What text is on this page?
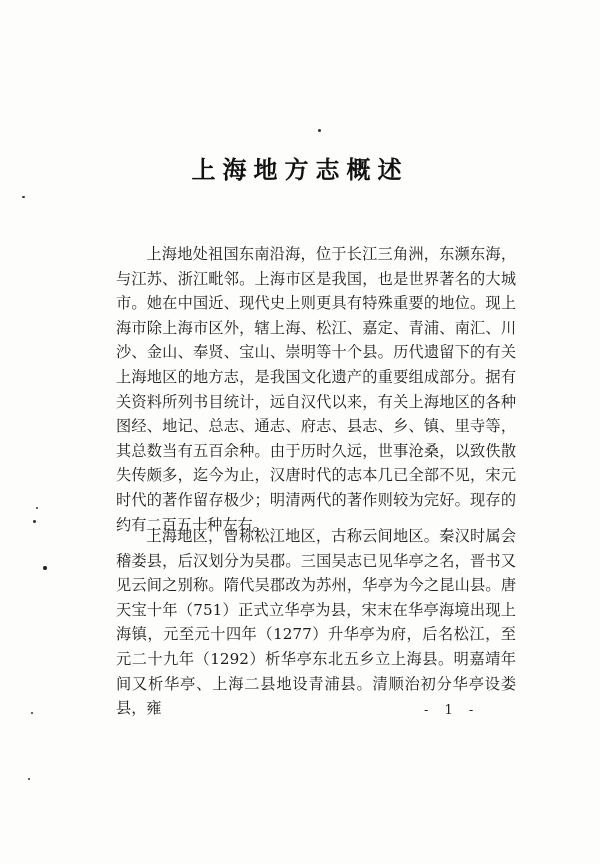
上海地方志概述

上海地处祖国东南沿海，位于长江三角洲，东濒东海，与江苏、浙江毗邻。上海市区是我国，也是世界著名的大城市。她在中国近、现代史上则更具有特殊重要的地位。现上海市除上海市区外，辖上海、松江、嘉定、青浦、南汇、川沙、金山、奉贤、宝山、崇明等十个县。历代遗留下的有关上海地区的地方志，是我国文化遗产的重要组成部分。据有关资料所列书目统计，远自汉代以来，有关上海地区的各种图经、地记、总志、通志、府志、县志、乡、镇、里寺等，其总数当有五百余种。由于历时久远，世事沧桑，以致佚散失传颇多，迄今为止，汉唐时代的志本几已全部不见，宋元时代的著作留存极少；明清两代的著作则较为完好。现存的约有二百五十种左右。

上海地区，曾称松江地区，古称云间地区。秦汉时属会稽娄县，后汉划分为吴郡。三国吴志已见华亭之名，晋书又见云间之别称。隋代吴郡改为苏州，华亭为今之昆山县。唐天宝十年（751）正式立华亭为县，宋末在华亭海境出现上海镇，元至元十四年（1277）升华亭为府，后名松江，至元二十九年（1292）析华亭东北五乡立上海县。明嘉靖年间又析华亭、上海二县地设青浦县。清顺治初分华亭设娄县，雍	- 1 -
